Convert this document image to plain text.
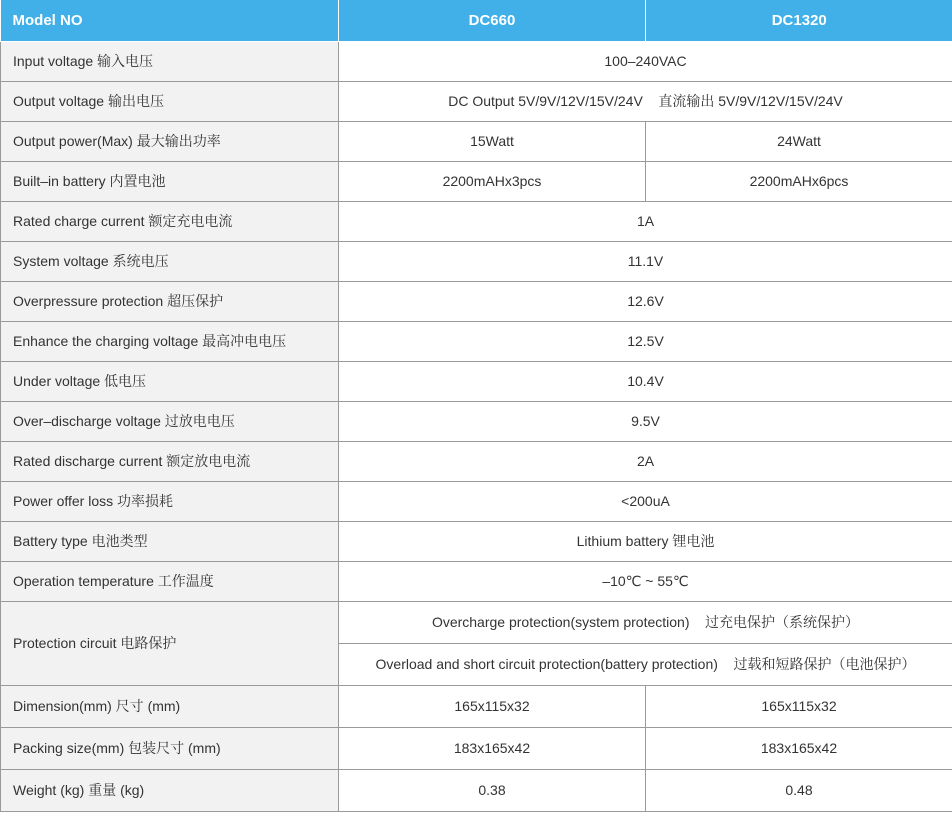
Model NO	DC660	DC1320
Input voltage 输入电压	100–240VAC	
Output voltage 输出电压	DC Output 5V/9V/12V/15V/24V    直流输出 5V/9V/12V/15V/24V	
Output power(Max) 最大输出功率	15Watt	24Watt
Built–in battery 内置电池	2200mAHx3pcs	2200mAHx6pcs
Rated charge current 额定充电电流	1A	
System voltage 系统电压	11.1V	
Overpressure protection 超压保护	12.6V	
Enhance the charging voltage 最高冲电电压	12.5V	
Under voltage 低电压	10.4V	
Over–discharge voltage 过放电电压	9.5V	
Rated discharge current 额定放电电流	2A	
Power offer loss 功率损耗	<200uA	
Battery type 电池类型	Lithium battery 锂电池	
Operation temperature 工作温度	–10℃ ~ 55℃	
Protection circuit 电路保护	Overcharge protection(system protection)    过充电保护（系统保护）	
	Overload and short circuit protection(battery protection)    过载和短路保护（电池保护）	
Dimension(mm) 尺寸 (mm)	165x115x32	165x115x32
Packing size(mm) 包装尺寸 (mm)	183x165x42	183x165x42
Weight (kg) 重量 (kg)	0.38	0.48
